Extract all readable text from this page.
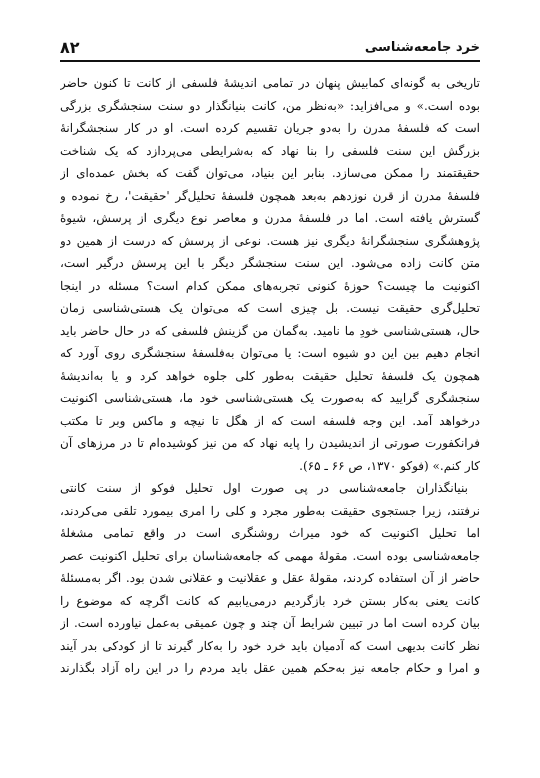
خرد جامعه‌شناسی
۸۲
تاریخی به گونه‌ای کمابیش پنهان در تمامی اندیشهٔ فلسفی از کانت تا کنون حاضر
بوده است.» و می‌افزاید: «به‌نظر من، کانت بنیانگذار دو سنت سنجشگری بزرگی
است که فلسفهٔ مدرن را به‌دو جریان تقسیم کرده است. او در کار سنجشگرانهٔ
بزرگش این سنت فلسفی را بنا نهاد که به‌شرایطی می‌پردازد که یک شناخت
حقیقتمند را ممکن می‌سازد. بنابر این بنیاد، می‌توان گفت که بخش عمده‌ای از
فلسفهٔ مدرن از قرن نوزدهم به‌بعد همچون فلسفهٔ تحلیل‌گر 'حقیقت'، رخ نموده و
گسترش یافته است. اما در فلسفهٔ مدرن و معاصر نوع دیگری از پرسش، شیوهٔ
پژوهشگری سنجشگرانهٔ دیگری نیز هست. نوعی از پرسش که درست از همین دو
متن کانت زاده می‌شود. این سنت سنجشگر دیگر با این پرسش درگیر است،
اکنونیت ما چیست؟ حوزهٔ کنونی تجربه‌های ممکن کدام است؟ مسئله در اینجا
تحلیل‌گری حقیقت نیست. بل چیزی است که می‌توان یک هستی‌شناسی زمان
حال، هستی‌شناسی خودِ ما نامید. به‌گمان من گزینش فلسفی که در حال حاضر باید
انجام دهیم بین این دو شیوه است: یا می‌توان به‌فلسفهٔ سنجشگری روی آورد که
همچون یک فلسفهٔ تحلیل حقیقت به‌طور کلی جلوه خواهد کرد و یا به‌اندیشهٔ
سنجشگری گرایید که به‌صورت یک هستی‌شناسی خود ما، هستی‌شناسی اکنونیت
درخواهد آمد. این وجه فلسفه است که از هگل تا نیچه و ماکس وبر تا مکتب
فرانکفورت صورتی از اندیشیدن را پایه نهاد که من نیز کوشیده‌ام تا در مرزهای آن
کار کنم.» (فوکو ۱۳۷۰، ص ۶۶ ـ ۶۵).
بنیانگذاران جامعه‌شناسی در پی صورت اول تحلیل فوکو از سنت کانتی
نرفتند، زیرا جستجوی حقیقت به‌طور مجرد و کلی را امری بیمورد تلقی می‌کردند،
اما تحلیل اکنونیت که خود میراث روشنگری است در واقع تمامی مشغلهٔ
جامعه‌شناسی بوده است. مقولهٔ مهمی که جامعه‌شناسان برای تحلیل اکنونیت عصر
حاضر از آن استفاده کردند، مقولهٔ عقل و عقلانیت و عقلانی شدن بود. اگر به‌مسئلهٔ
کانت یعنی به‌کار بستن خرد بازگردیم درمی‌یابیم که کانت اگرچه که موضوع را
بیان کرده است اما در تبیین شرایط آن چند و چون عمیقی به‌عمل نیاورده است. از
نظر کانت بدیهی است که آدمیان باید خرد خود را به‌کار گیرند تا از کودکی بدر آیند
و امرا و حکام جامعه نیز به‌حکم همین عقل باید مردم را در این راه آزاد بگذارند
